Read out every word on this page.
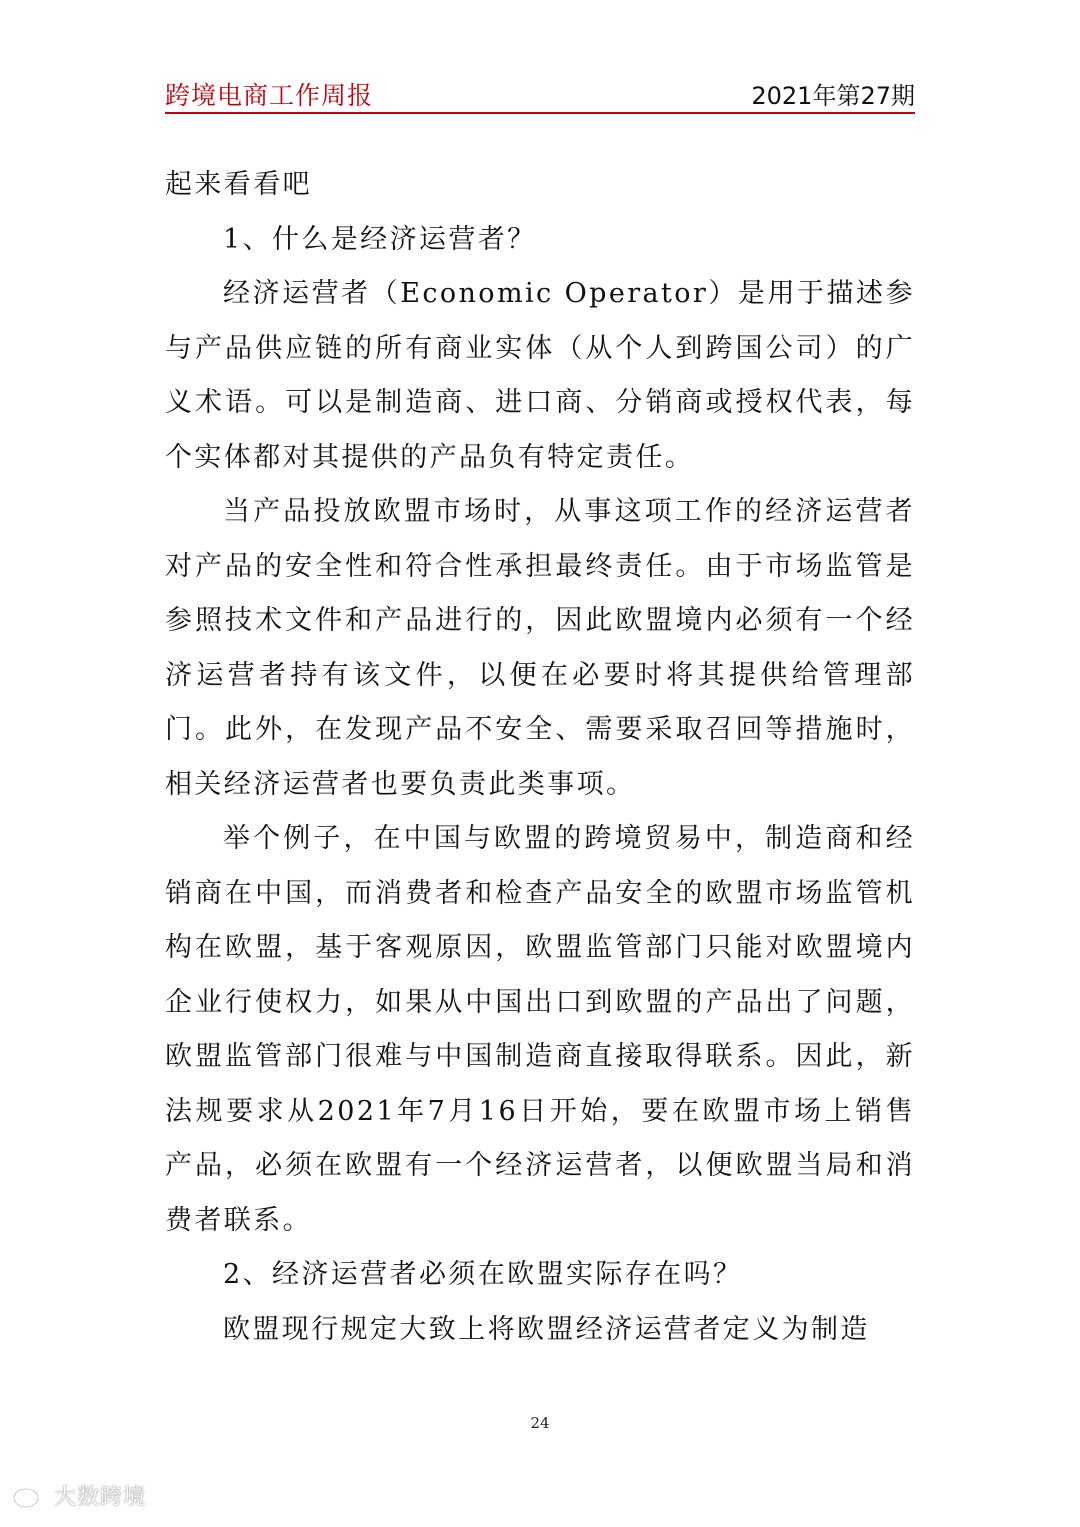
跨境电商工作周报	2021年第27期

起来看看吧

1、什么是经济运营者？

经济运营者（Economic Operator）是用于描述参与产品供应链的所有商业实体（从个人到跨国公司）的广义术语。可以是制造商、进口商、分销商或授权代表，每个实体都对其提供的产品负有特定责任。

当产品投放欧盟市场时，从事这项工作的经济运营者对产品的安全性和符合性承担最终责任。由于市场监管是参照技术文件和产品进行的，因此欧盟境内必须有一个经济运营者持有该文件，以便在必要时将其提供给管理部门。此外，在发现产品不安全、需要采取召回等措施时，相关经济运营者也要负责此类事项。

举个例子，在中国与欧盟的跨境贸易中，制造商和经销商在中国，而消费者和检查产品安全的欧盟市场监管机构在欧盟，基于客观原因，欧盟监管部门只能对欧盟境内企业行使权力，如果从中国出口到欧盟的产品出了问题，欧盟监管部门很难与中国制造商直接取得联系。因此，新法规要求从2021年7月16日开始，要在欧盟市场上销售产品，必须在欧盟有一个经济运营者，以便欧盟当局和消费者联系。

2、经济运营者必须在欧盟实际存在吗？

欧盟现行规定大致上将欧盟经济运营者定义为制造

24
大数跨境
